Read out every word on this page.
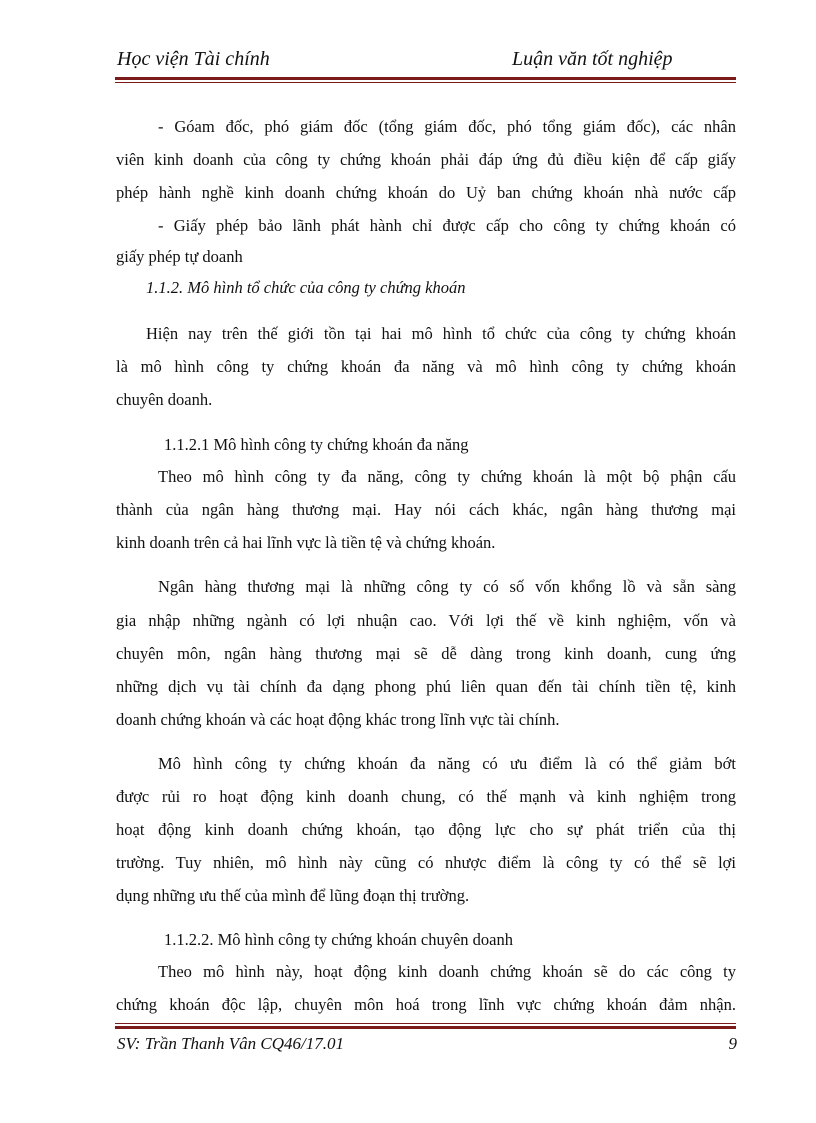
Học viện Tài chính	Luận văn tốt nghiệp
- Góam đốc, phó giám đốc (tổng giám đốc, phó tổng giám đốc), các nhân
viên kinh doanh của công ty chứng khoán phải đáp ứng đủ điều kiện để cấp giấy
phép hành nghề kinh doanh chứng khoán do Uỷ ban chứng khoán nhà nước cấp
- Giấy phép bảo lãnh phát hành chỉ được cấp cho công ty chứng khoán có
giấy phép tự doanh
1.1.2. Mô hình tổ chức của công ty chứng khoán
Hiện nay trên thế giới tồn tại hai mô hình tổ chức của công ty chứng khoán
là mô hình công ty chứng khoán đa năng và mô hình công ty chứng khoán
chuyên doanh.
1.1.2.1 Mô hình công ty chứng khoán đa năng
Theo mô hình công ty đa năng, công ty chứng khoán là một bộ phận cấu
thành của ngân hàng thương mại. Hay nói cách khác, ngân hàng thương mại
kinh doanh trên cả hai lĩnh vực là tiền tệ và chứng khoán.
Ngân hàng thương mại là những công ty có số vốn khổng lồ và sẵn sàng
gia nhập những ngành có lợi nhuận cao. Với lợi thế về kinh nghiệm, vốn và
chuyên môn, ngân hàng thương mại sẽ dễ dàng trong kinh doanh, cung ứng
những dịch vụ tài chính đa dạng phong phú liên quan đến tài chính tiền tệ, kinh
doanh chứng khoán và các hoạt động khác trong lĩnh vực tài chính.
Mô hình công ty chứng khoán đa năng có ưu điểm là có thể giảm bớt
được rủi ro hoạt động kinh doanh chung, có thế mạnh và kinh nghiệm trong
hoạt động kinh doanh chứng khoán, tạo động lực cho sự phát triển của thị
trường. Tuy nhiên, mô hình này cũng có nhược điểm là công ty có thể sẽ lợi
dụng những ưu thế của mình để lũng đoạn thị trường.
1.1.2.2. Mô hình công ty chứng khoán chuyên doanh
Theo mô hình này, hoạt động kinh doanh chứng khoán sẽ do các công ty
chứng khoán độc lập, chuyên môn hoá trong lĩnh vực chứng khoán đảm nhận.
SV: Trần Thanh Vân CQ46/17.01	9
